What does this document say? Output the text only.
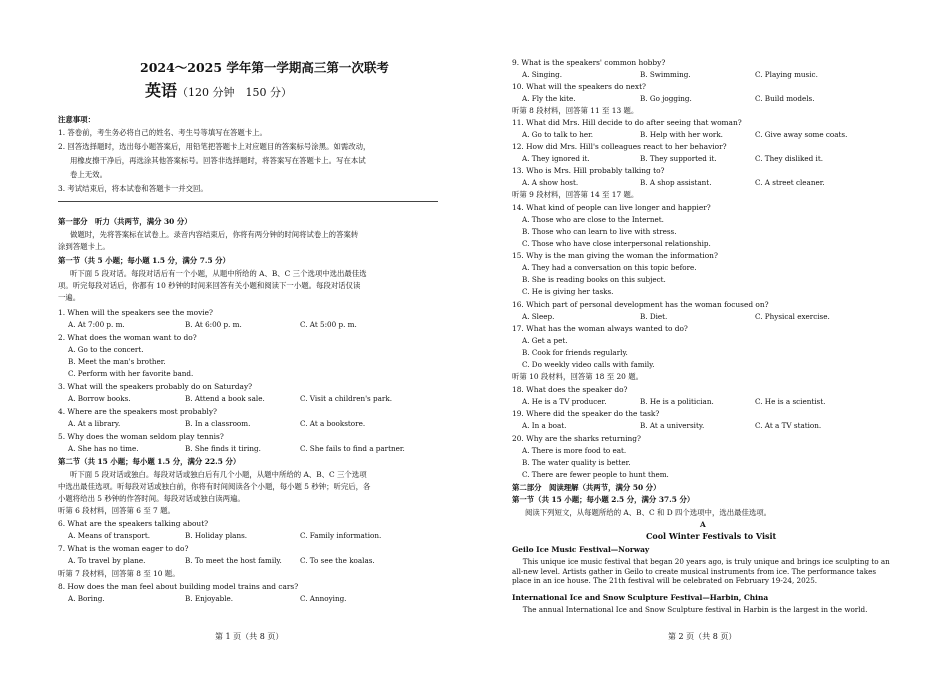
2024～2025 学年第一学期高三第一次联考
英语（120 分钟　150 分）
注意事项：
1. 答卷前，考生务必将自己的姓名、考生号等填写在答题卡上。
2. 回答选择题时，选出每小题答案后，用铅笔把答题卡上对应题目的答案标号涂黑。如需改动，
用橡皮擦干净后，再选涂其他答案标号。回答非选择题时，将答案写在答题卡上。写在本试
卷上无效。
3. 考试结束后，将本试卷和答题卡一并交回。
第一部分　听力（共两节，满分 30 分）
做题时，先将答案标在试卷上。录音内容结束后，你将有两分钟的时间将试卷上的答案转
涂到答题卡上。
第一节（共 5 小题；每小题 1.5 分，满分 7.5 分）
听下面 5 段对话。每段对话后有一个小题，从题中所给的 A、B、C 三个选项中选出最佳选
项。听完每段对话后，你都有 10 秒钟的时间来回答有关小题和阅读下一小题。每段对话仅读
一遍。
1. When will the speakers see the movie?
A. At 7:00 p. m.	B. At 6:00 p. m.	C. At 5:00 p. m.
2. What does the woman want to do?
A. Go to the concert.
B. Meet the man's brother.
C. Perform with her favorite band.
3. What will the speakers probably do on Saturday?
A. Borrow books.	B. Attend a book sale.	C. Visit a children's park.
4. Where are the speakers most probably?
A. At a library.	B. In a classroom.	C. At a bookstore.
5. Why does the woman seldom play tennis?
A. She has no time.	B. She finds it tiring.	C. She fails to find a partner.
第二节（共 15 小题；每小题 1.5 分，满分 22.5 分）
听下面 5 段对话或独白。每段对话或独白后有几个小题，从题中所给的 A、B、C 三个选项
中选出最佳选项。听每段对话或独白前，你将有时间阅读各个小题，每小题 5 秒钟；听完后，各
小题将给出 5 秒钟的作答时间。每段对话或独白读两遍。
听第 6 段材料，回答第 6 至 7 题。
6. What are the speakers talking about?
A. Means of transport.	B. Holiday plans.	C. Family information.
7. What is the woman eager to do?
A. To travel by plane.	B. To meet the host family.	C. To see the koalas.
听第 7 段材料，回答第 8 至 10 题。
8. How does the man feel about building model trains and cars?
A. Boring.	B. Enjoyable.	C. Annoying.
第 1 页（共 8 页）
9. What is the speakers' common hobby?
A. Singing.	B. Swimming.	C. Playing music.
10. What will the speakers do next?
A. Fly the kite.	B. Go jogging.	C. Build models.
听第 8 段材料，回答第 11 至 13 题。
11. What did Mrs. Hill decide to do after seeing that woman?
A. Go to talk to her.	B. Help with her work.	C. Give away some coats.
12. How did Mrs. Hill's colleagues react to her behavior?
A. They ignored it.	B. They supported it.	C. They disliked it.
13. Who is Mrs. Hill probably talking to?
A. A show host.	B. A shop assistant.	C. A street cleaner.
听第 9 段材料，回答第 14 至 17 题。
14. What kind of people can live longer and happier?
A. Those who are close to the Internet.
B. Those who can learn to live with stress.
C. Those who have close interpersonal relationship.
15. Why is the man giving the woman the information?
A. They had a conversation on this topic before.
B. She is reading books on this subject.
C. He is giving her tasks.
16. Which part of personal development has the woman focused on?
A. Sleep.	B. Diet.	C. Physical exercise.
17. What has the woman always wanted to do?
A. Get a pet.
B. Cook for friends regularly.
C. Do weekly video calls with family.
听第 10 段材料，回答第 18 至 20 题。
18. What does the speaker do?
A. He is a TV producer.	B. He is a politician.	C. He is a scientist.
19. Where did the speaker do the task?
A. In a boat.	B. At a university.	C. At a TV station.
20. Why are the sharks returning?
A. There is more food to eat.
B. The water quality is better.
C. There are fewer people to hunt them.
第二部分　阅读理解（共两节，满分 50 分）
第一节（共 15 小题；每小题 2.5 分，满分 37.5 分）
阅读下列短文，从每题所给的 A、B、C 和 D 四个选项中，选出最佳选项。
A
Cool Winter Festivals to Visit
Geilo Ice Music Festival—Norway
This unique ice music festival that began 20 years ago, is truly unique and brings ice sculpting to an all-new level. Artists gather in Geilo to create musical instruments from ice. The performance takes place in an ice house. The 21th festival will be celebrated on February 19-24, 2025.
International Ice and Snow Sculpture Festival—Harbin, China
The annual International Ice and Snow Sculpture festival in Harbin is the largest in the world.
第 2 页（共 8 页）
